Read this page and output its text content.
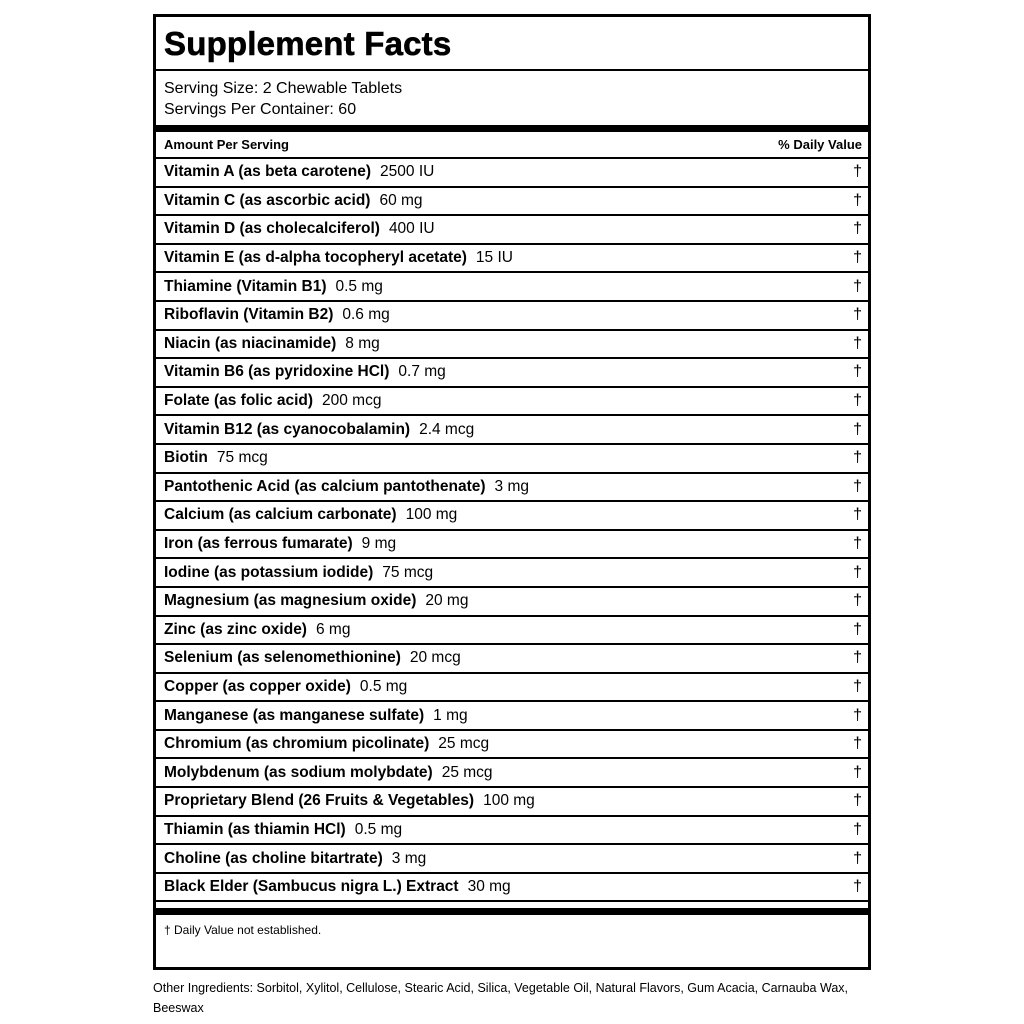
Supplement Facts
Serving Size: 2 Chewable Tablets
Servings Per Container: 60
Amount Per Serving	% Daily Value
Vitamin A (as beta carotene) 2500 IU	†
Vitamin C (as ascorbic acid) 60 mg	†
Vitamin D (as cholecalciferol) 400 IU	†
Vitamin E (as d-alpha tocopheryl acetate) 15 IU	†
Thiamine (Vitamin B1) 0.5 mg	†
Riboflavin (Vitamin B2) 0.6 mg	†
Niacin (as niacinamide) 8 mg	†
Vitamin B6 (as pyridoxine HCl) 0.7 mg	†
Folate (as folic acid) 200 mcg	†
Vitamin B12 (as cyanocobalamin) 2.4 mcg	†
Biotin 75 mcg	†
Pantothenic Acid (as calcium pantothenate) 3 mg	†
Calcium (as calcium carbonate) 100 mg	†
Iron (as ferrous fumarate) 9 mg	†
Iodine (as potassium iodide) 75 mcg	†
Magnesium (as magnesium oxide) 20 mg	†
Zinc (as zinc oxide) 6 mg	†
Selenium (as selenomethionine) 20 mcg	†
Copper (as copper oxide) 0.5 mg	†
Manganese (as manganese sulfate) 1 mg	†
Chromium (as chromium picolinate) 25 mcg	†
Molybdenum (as sodium molybdate) 25 mcg	†
Proprietary Blend (26 Fruits & Vegetables) 100 mg	†
Thiamin (as thiamin HCl) 0.5 mg	†
Choline (as choline bitartrate) 3 mg	†
Black Elder (Sambucus nigra L.) Extract 30 mg	†
† Daily Value not established.
Other Ingredients: Sorbitol, Xylitol, Cellulose, Stearic Acid, Silica, Vegetable Oil, Natural Flavors, Gum Acacia, Carnauba Wax, Beeswax
